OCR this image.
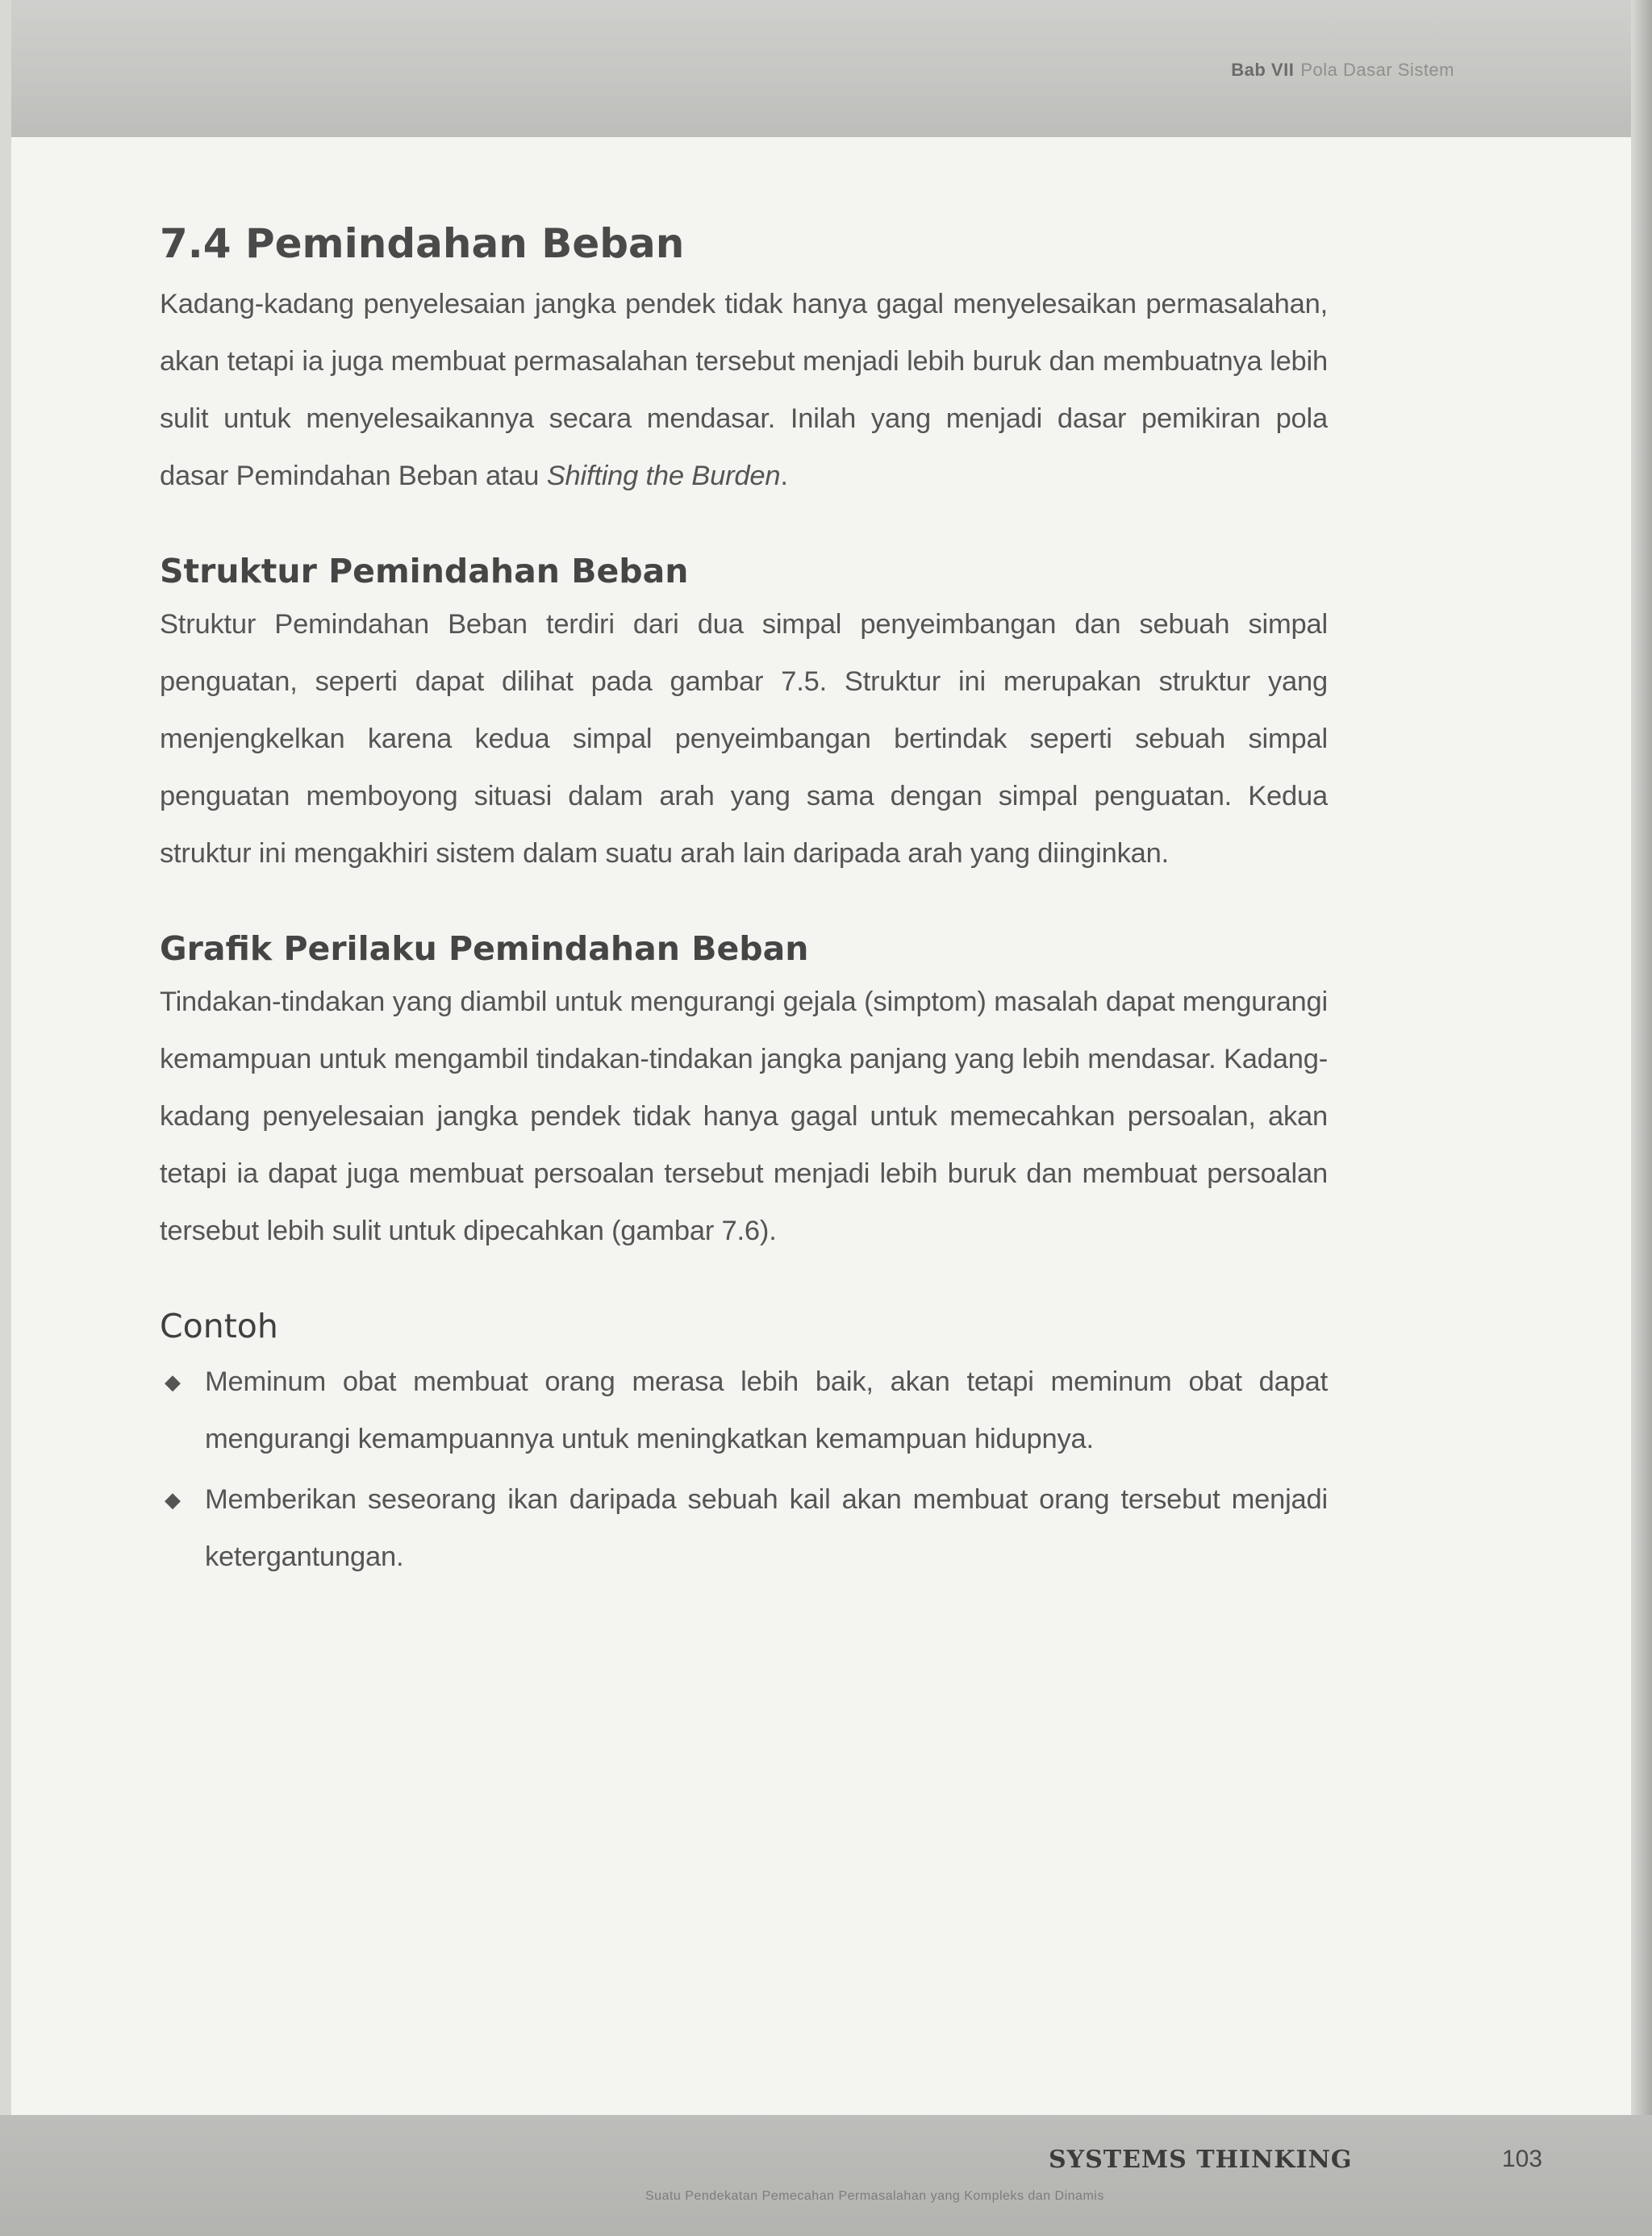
Bab VII Pola Dasar Sistem
7.4 Pemindahan Beban

Kadang-kadang penyelesaian jangka pendek tidak hanya gagal menyelesaikan permasalahan, akan tetapi ia juga membuat permasalahan tersebut menjadi lebih buruk dan membuatnya lebih sulit untuk menyelesaikannya secara mendasar. Inilah yang menjadi dasar pemikiran pola dasar Pemindahan Beban atau Shifting the Burden.

Struktur Pemindahan Beban

Struktur Pemindahan Beban terdiri dari dua simpal penyeimbangan dan sebuah simpal penguatan, seperti dapat dilihat pada gambar 7.5. Struktur ini merupakan struktur yang menjengkelkan karena kedua simpal penyeimbangan bertindak seperti sebuah simpal penguatan memboyong situasi dalam arah yang sama dengan simpal penguatan. Kedua struktur ini mengakhiri sistem dalam suatu arah lain daripada arah yang diinginkan.

Grafik Perilaku Pemindahan Beban

Tindakan-tindakan yang diambil untuk mengurangi gejala (simptom) masalah dapat mengurangi kemampuan untuk mengambil tindakan-tindakan jangka panjang yang lebih mendasar. Kadang-kadang penyelesaian jangka pendek tidak hanya gagal untuk memecahkan persoalan, akan tetapi ia dapat juga membuat persoalan tersebut menjadi lebih buruk dan membuat persoalan tersebut lebih sulit untuk dipecahkan (gambar 7.6).

Contoh
◆ Meminum obat membuat orang merasa lebih baik, akan tetapi meminum obat dapat mengurangi kemampuannya untuk meningkatkan kemampuan hidupnya.
◆ Memberikan seseorang ikan daripada sebuah kail akan membuat orang tersebut menjadi ketergantungan.
SYSTEMS THINKING
Suatu Pendekatan Pemecahan Permasalahan yang Kompleks dan Dinamis
103
